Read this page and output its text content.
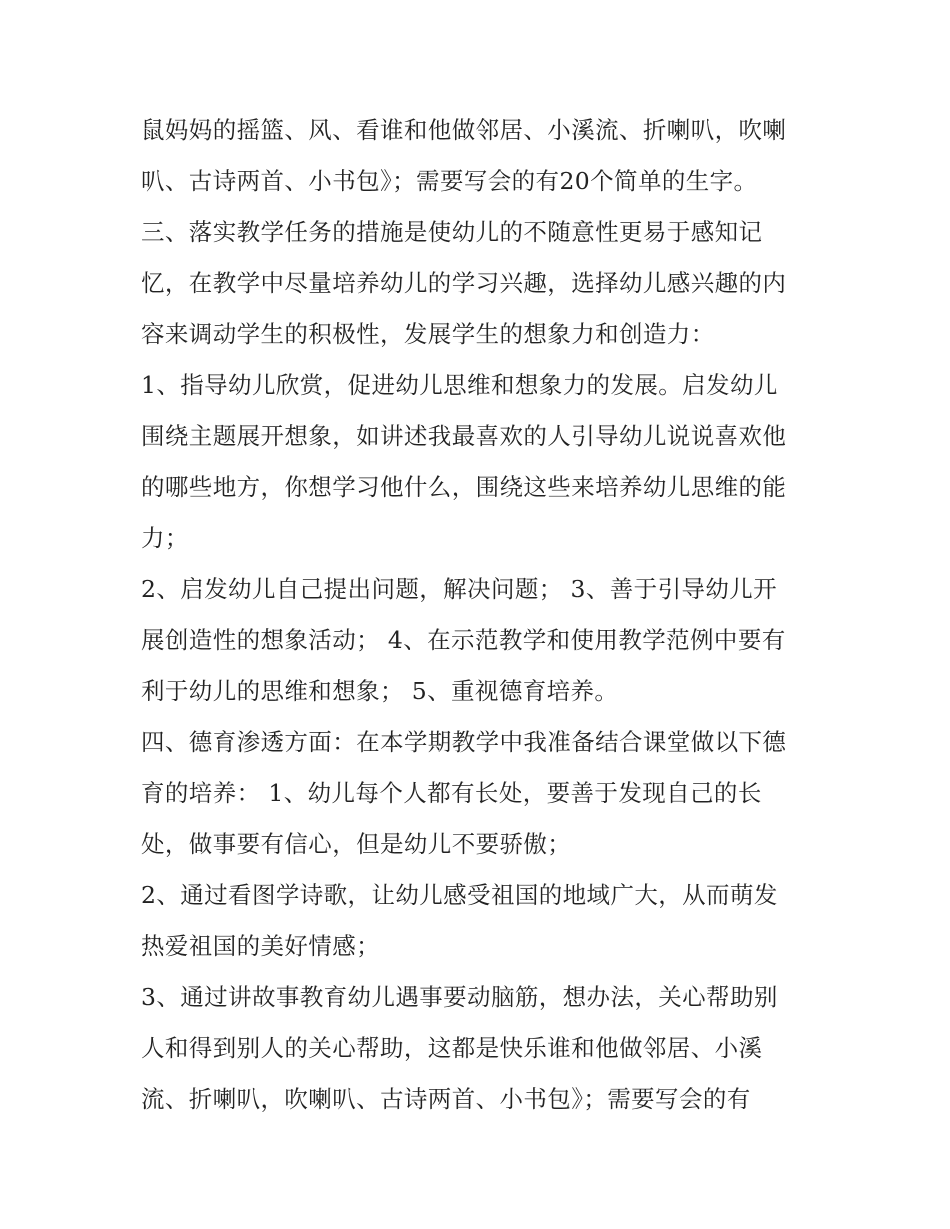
鼠妈妈的摇篮、风、看谁和他做邻居、小溪流、折喇叭，吹喇
叭、古诗两首、小书包》；需要写会的有20个简单的生字。
三、落实教学任务的措施是使幼儿的不随意性更易于感知记
忆，在教学中尽量培养幼儿的学习兴趣，选择幼儿感兴趣的内
容来调动学生的积极性，发展学生的想象力和创造力：
1、指导幼儿欣赏，促进幼儿思维和想象力的发展。启发幼儿
围绕主题展开想象，如讲述我最喜欢的人引导幼儿说说喜欢他
的哪些地方，你想学习他什么，围绕这些来培养幼儿思维的能
力；
2、启发幼儿自己提出问题，解决问题； 3、善于引导幼儿开
展创造性的想象活动； 4、在示范教学和使用教学范例中要有
利于幼儿的思维和想象； 5、重视德育培养。
四、德育渗透方面：在本学期教学中我准备结合课堂做以下德
育的培养： 1、幼儿每个人都有长处，要善于发现自己的长
处，做事要有信心，但是幼儿不要骄傲；
2、通过看图学诗歌，让幼儿感受祖国的地域广大，从而萌发
热爱祖国的美好情感；
3、通过讲故事教育幼儿遇事要动脑筋，想办法，关心帮助别
人和得到别人的关心帮助，这都是快乐谁和他做邻居、小溪
流、折喇叭，吹喇叭、古诗两首、小书包》；需要写会的有
